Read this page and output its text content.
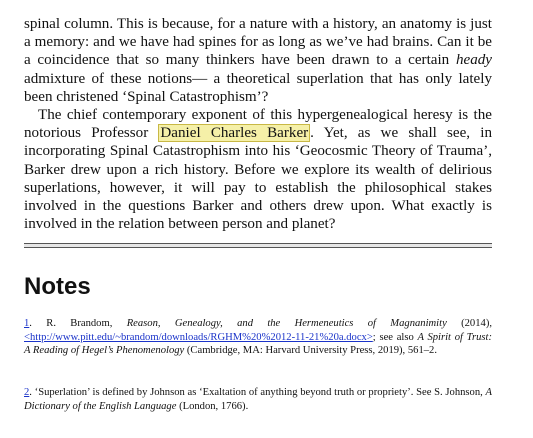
spinal column. This is because, for a nature with a history, an anatomy is just a memory: and we have had spines for as long as we’ve had brains. Can it be a coincidence that so many thinkers have been drawn to a certain heady admixture of these notions— a theoretical superlation that has only lately been christened ‘Spinal Catastrophism’?

The chief contemporary exponent of this hypergenealogical heresy is the notorious Professor Daniel Charles Barker . Yet, as we shall see, in incorporating Spinal Catastrophism into his ‘Geocosmic Theory of Trauma’, Barker drew upon a rich history. Before we explore its wealth of delirious superlations, however, it will pay to establish the philosophical stakes involved in the questions Barker and others drew upon. What exactly is involved in the relation between person and planet?

Notes

1. R. Brandom, Reason, Genealogy, and the Hermeneutics of Magnanimity (2014), <http://www.pitt.edu/~brandom/downloads/RGHM%20%2012-11-21%20a.docx>; see also A Spirit of Trust: A Reading of Hegel’s Phenomenology (Cambridge, MA: Harvard University Press, 2019), 561–2.

2. ‘Superlation’ is defined by Johnson as ‘Exaltation of anything beyond truth or propriety’. See S. Johnson, A Dictionary of the English Language (London, 1766).
